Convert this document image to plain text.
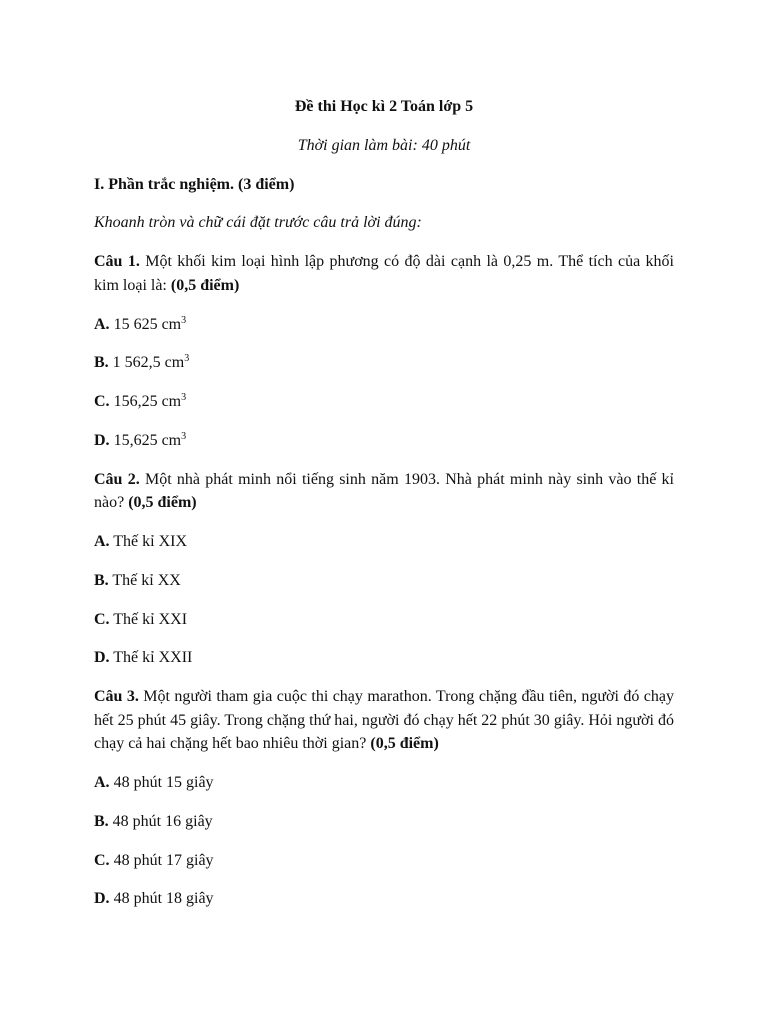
Đề thi Học kì 2 Toán lớp 5

Thời gian làm bài: 40 phút

I. Phần trắc nghiệm. (3 điểm)

Khoanh tròn và chữ cái đặt trước câu trả lời đúng:

Câu 1. Một khối kim loại hình lập phương có độ dài cạnh là 0,25 m. Thể tích của khối kim loại là: (0,5 điểm)

A. 15 625 $cm^3$

B. 1 562,5 $cm^3$

C. 156,25 $cm^3$

D. 15,625 $cm^3$

Câu 2. Một nhà phát minh nổi tiếng sinh năm 1903. Nhà phát minh này sinh vào thế kỉ nào? (0,5 điểm)

A. Thế kỉ XIX

B. Thế kỉ XX

C. Thế kỉ XXI

D. Thế kỉ XXII

Câu 3. Một người tham gia cuộc thi chạy marathon. Trong chặng đầu tiên, người đó chạy hết 25 phút 45 giây. Trong chặng thứ hai, người đó chạy hết 22 phút 30 giây. Hỏi người đó chạy cả hai chặng hết bao nhiêu thời gian? (0,5 điểm)

A. 48 phút 15 giây

B. 48 phút 16 giây

C. 48 phút 17 giây

D. 48 phút 18 giây
